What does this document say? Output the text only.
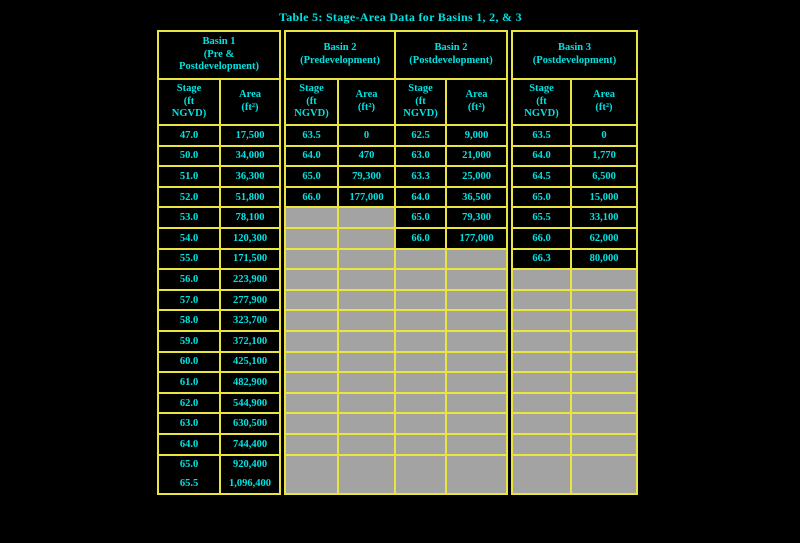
Table 5: Stage-Area Data for Basins 1, 2, & 3
Basin 1
(Pre &
Postdevelopment)	

Stage
(ft
NGVD)	Area
(ft²)

47.0	17,500
50.0	34,000
51.0	36,300
52.0	51,800
53.0	78,100
54.0	120,300
55.0	171,500
56.0	223,900
57.0	277,900
58.0	323,700
59.0	372,100
60.0	425,100
61.0	482,900
62.0	544,900
63.0	630,500
64.0	744,400
65.0	920,400
65.5	1,096,400
Basin 2
(Predevelopment)		Basin 2
(Postdevelopment)	

Stage
(ft
NGVD)	Area
(ft²)	Stage
(ft
NGVD)	Area
(ft²)

63.5	0	62.5	9,000
64.0	470	63.0	21,000
65.0	79,300	63.3	25,000
66.0	177,000	64.0	36,500
		65.0	79,300
		66.0	177,000

Basin 3
(Postdevelopment)	

Stage
(ft
NGVD)	Area
(ft²)

63.5	0
64.0	1,770
64.5	6,500
65.0	15,000
65.5	33,100
66.0	62,000
66.3	80,000
